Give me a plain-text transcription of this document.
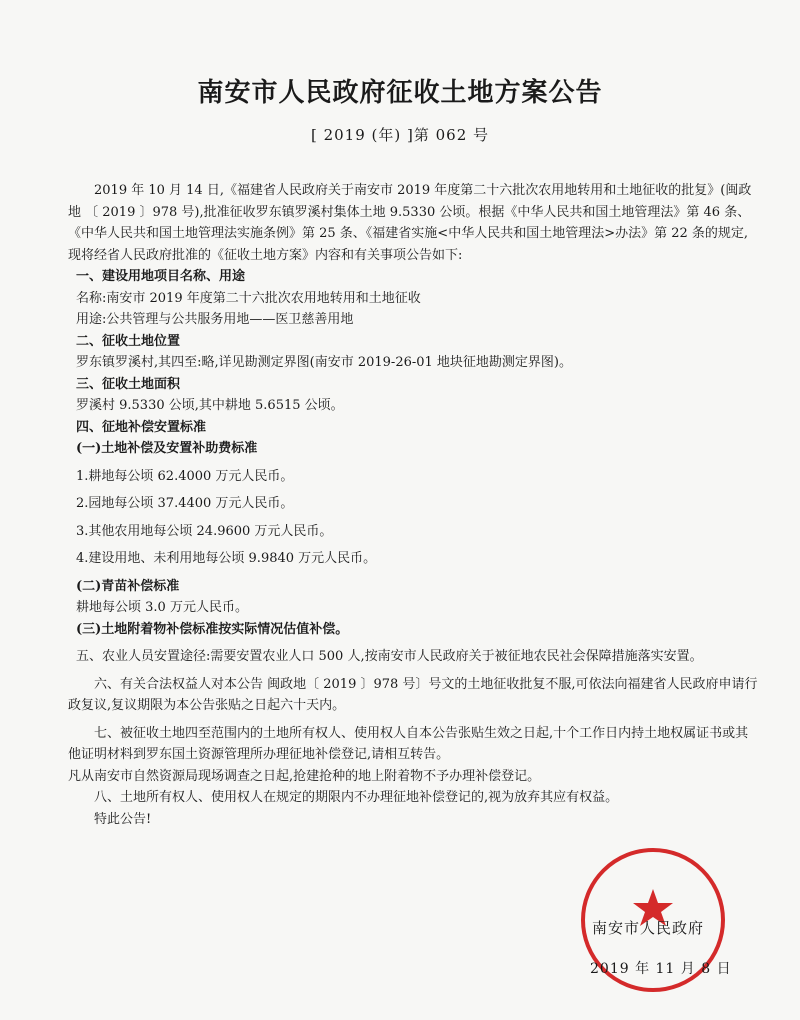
南安市人民政府征收土地方案公告
[ 2019 (年) ]第 062 号

2019 年 10 月 14 日,《福建省人民政府关于南安市 2019 年度第二十六批次农用地转用和土地征收的批复》(闽政地 〔 2019 〕978 号),批准征收罗东镇罗溪村集体土地 9.5330 公顷。根据《中华人民共和国土地管理法》第 46 条、《中华人民共和国土地管理法实施条例》第 25 条、《福建省实施<中华人民共和国土地管理法>办法》第 22 条的规定,现将经省人民政府批准的《征收土地方案》内容和有关事项公告如下:

一、建设用地项目名称、用途

名称:南安市 2019 年度第二十六批次农用地转用和土地征收

用途:公共管理与公共服务用地——医卫慈善用地

二、征收土地位置

罗东镇罗溪村,其四至:略,详见勘测定界图(南安市 2019-26-01 地块征地勘测定界图)。

三、征收土地面积

罗溪村 9.5330 公顷,其中耕地 5.6515 公顷。

四、征地补偿安置标准

(一)土地补偿及安置补助费标准

1.耕地每公顷 62.4000 万元人民币。

2.园地每公顷 37.4400 万元人民币。

3.其他农用地每公顷 24.9600 万元人民币。

4.建设用地、未利用地每公顷 9.9840 万元人民币。

(二)青苗补偿标准

耕地每公顷 3.0 万元人民币。

(三)土地附着物补偿标准按实际情况估值补偿。

五、农业人员安置途径:需要安置农业人口 500 人,按南安市人民政府关于被征地农民社会保障措施落实安置。

六、有关合法权益人对本公告 闽政地〔 2019 〕978 号〕号文的土地征收批复不服,可依法向福建省人民政府申请行政复议,复议期限为本公告张贴之日起六十天内。

七、被征收土地四至范围内的土地所有权人、使用权人自本公告张贴生效之日起,十个工作日内持土地权属证书或其他证明材料到罗东国土资源管理所办理征地补偿登记,请相互转告。

凡从南安市自然资源局现场调查之日起,抢建抢种的地上附着物不予办理补偿登记。

八、土地所有权人、使用权人在规定的期限内不办理征地补偿登记的,视为放弃其应有权益。

特此公告!

南安市人民政府
2019 年 11 月 8 日
